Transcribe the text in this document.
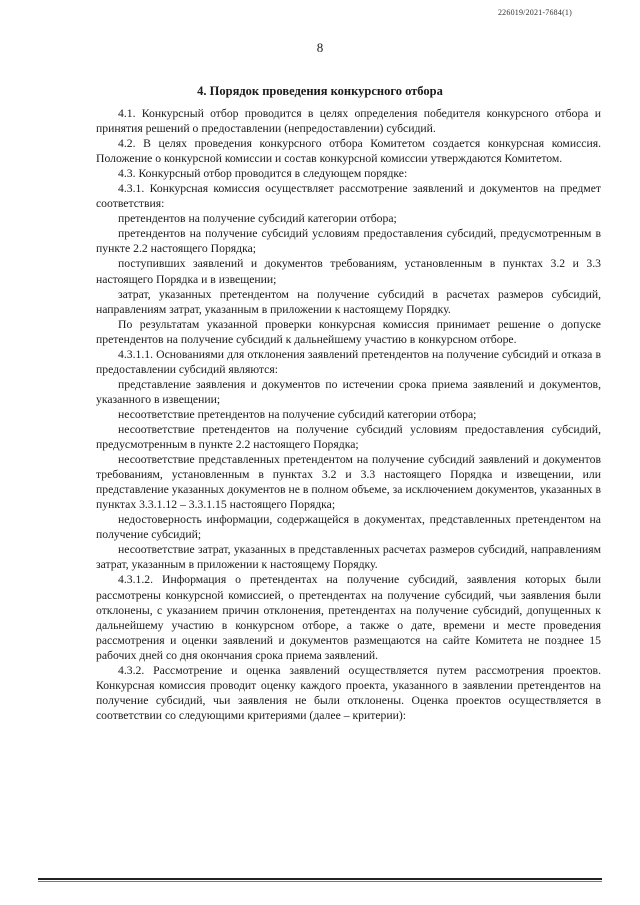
226019/2021-7684(1)
8
4. Порядок проведения конкурсного отбора

4.1. Конкурсный отбор проводится в целях определения победителя конкурсного отбора и принятия решений о предоставлении (непредоставлении) субсидий.

4.2. В целях проведения конкурсного отбора Комитетом создается конкурсная комиссия. Положение о конкурсной комиссии и состав конкурсной комиссии утверждаются Комитетом.

4.3. Конкурсный отбор проводится в следующем порядке:

4.3.1. Конкурсная комиссия осуществляет рассмотрение заявлений и документов на предмет соответствия:

претендентов на получение субсидий категории отбора;

претендентов на получение субсидий условиям предоставления субсидий, предусмотренным в пункте 2.2 настоящего Порядка;

поступивших заявлений и документов требованиям, установленным в пунктах 3.2 и 3.3 настоящего Порядка и в извещении;

затрат, указанных претендентом на получение субсидий в расчетах размеров субсидий, направлениям затрат, указанным в приложении к настоящему Порядку.

По результатам указанной проверки конкурсная комиссия принимает решение о допуске претендентов на получение субсидий к дальнейшему участию в конкурсном отборе.

4.3.1.1. Основаниями для отклонения заявлений претендентов на получение субсидий и отказа в предоставлении субсидий являются:

представление заявления и документов по истечении срока приема заявлений и документов, указанного в извещении;

несоответствие претендентов на получение субсидий категории отбора;

несоответствие претендентов на получение субсидий условиям предоставления субсидий, предусмотренным в пункте 2.2 настоящего Порядка;

несоответствие представленных претендентом на получение субсидий заявлений и документов требованиям, установленным в пунктах 3.2 и 3.3 настоящего Порядка и извещении, или представление указанных документов не в полном объеме, за исключением документов, указанных в пунктах 3.3.1.12 – 3.3.1.15 настоящего Порядка;

недостоверность информации, содержащейся в документах, представленных претендентом на получение субсидий;

несоответствие затрат, указанных в представленных расчетах размеров субсидий, направлениям затрат, указанным в приложении к настоящему Порядку.

4.3.1.2. Информация о претендентах на получение субсидий, заявления которых были рассмотрены конкурсной комиссией, о претендентах на получение субсидий, чьи заявления были отклонены, с указанием причин отклонения, претендентах на получение субсидий, допущенных к дальнейшему участию в конкурсном отборе, а также о дате, времени и месте проведения рассмотрения и оценки заявлений и документов размещаются на сайте Комитета не позднее 15 рабочих дней со дня окончания срока приема заявлений.

4.3.2. Рассмотрение и оценка заявлений осуществляется путем рассмотрения проектов. Конкурсная комиссия проводит оценку каждого проекта, указанного в заявлении претендентов на получение субсидий, чьи заявления не были отклонены. Оценка проектов осуществляется в соответствии со следующими критериями (далее – критерии):
